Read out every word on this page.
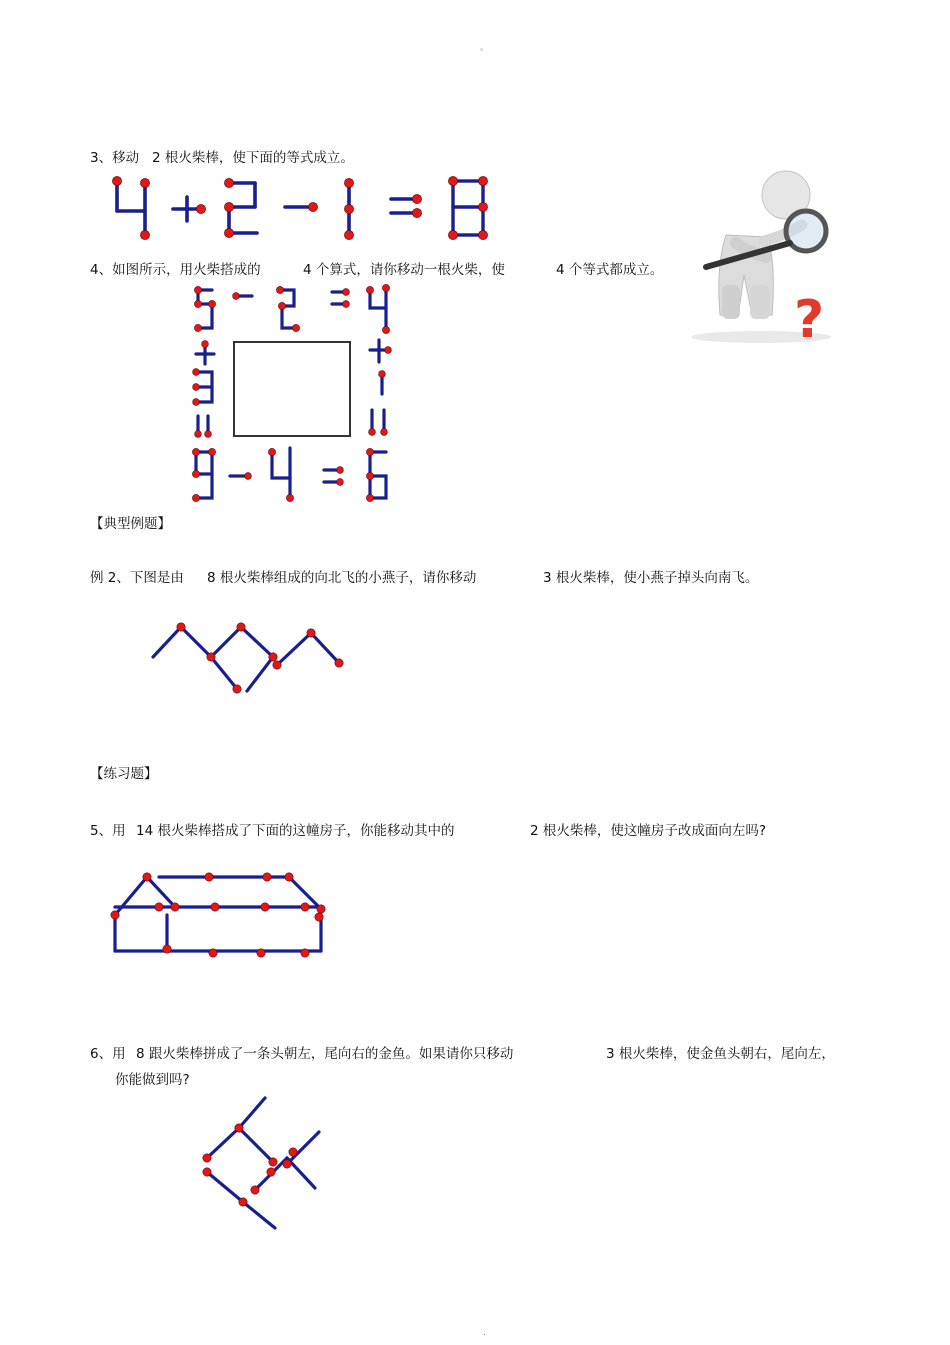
。
3、移动 2 根火柴棒，使下面的等式成立。
4、如图所示，用火柴搭成的	4 个算式，请你移动一根火柴，使	4 个等式都成立。
?
【典型例题】
例 2、下图是由 8 根火柴棒组成的向北飞的小燕子，请你移动	3 根火柴棒，使小燕子掉头向南飞。
【练习题】
5、用 14 根火柴棒搭成了下面的这幢房子，你能移动其中的	2 根火柴棒，使这幢房子改成面向左吗?
6、用 8 跟火柴棒拼成了一条头朝左，尾向右的金鱼。如果请你只移动	3 根火柴棒，使金鱼头朝右，尾向左，
你能做到吗?
.
